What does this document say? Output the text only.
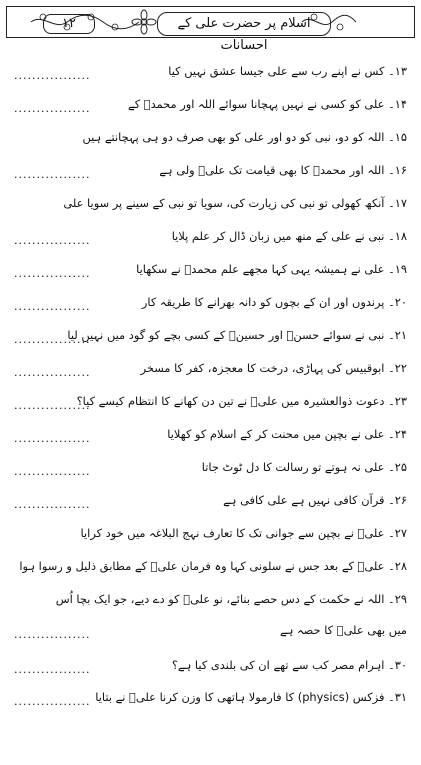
۱۲	اسلام پر حضرت علی کے احسانات
۱۳۔ کس نے اپنے رب سے علی جیسا عشق نہیں کیا
.................
۱۴۔ علی کو کسی نے نہیں پہچانا سوائے اللہ اور محمدؐ کے
.................
۱۵۔ اللہ کو دو، نبی کو دو اور علی کو بھی صرف دو ہی پہچانتے ہیں
۱۶۔ اللہ اور محمدؐ کا بھی قیامت تک علیؑ ولی ہے
.................
۱۷۔ آنکھ کھولی تو نبی کی زیارت کی، سویا تو نبی کے سینے پر سویا علی
۱۸۔ نبی نے علی کے منھ میں زبان ڈال کر علم پلایا
.................
۱۹۔ علی نے ہمیشہ یہی کہا مجھے علم محمدؐ نے سکھایا
.................
۲۰۔ پرندوں اور ان کے بچوں کو دانہ بھرانے کا طریقہ کار
.................
۲۱۔ نبی نے سوائے حسنؑ اور حسینؑ کے کسی بچے کو گود میں نہیں لیا
.................
۲۲۔ ابوقبیس کی پہاڑی، درخت کا معجزہ، کفر کا مسخر
.................
۲۳۔ دعوت ذوالعشیرہ میں علیؑ نے تین دن کھانے کا انتظام کیسے کیا؟
.................
۲۴۔ علی نے بچپن میں محنت کر کے اسلام کو کھلایا
.................
۲۵۔ علی نہ ہوتے تو رسالت کا دل ٹوٹ جاتا
.................
۲۶۔ قرآن کافی نہیں ہے علی کافی ہے
.................
۲۷۔ علیؑ نے بچپن سے جوانی تک کا تعارف نہج البلاغہ میں خود کرایا
۲۸۔ علیؑ کے بعد جس نے سلونی کہا وہ فرمان علیؑ کے مطابق ذلیل و رسوا ہوا
۲۹۔ اللہ نے حکمت کے دس حصے بنائے، نو علیؑ کو دے دیے، جو ایک بچا اُس
میں بھی علیؑ کا حصہ ہے
.................
۳۰۔ اہرام مصر کب سے تھے ان کی بلندی کیا ہے؟
.................
۳۱۔ فزکس (physics) کا فارمولا ہاتھی کا وزن کرنا علیؑ نے بتایا
.................
